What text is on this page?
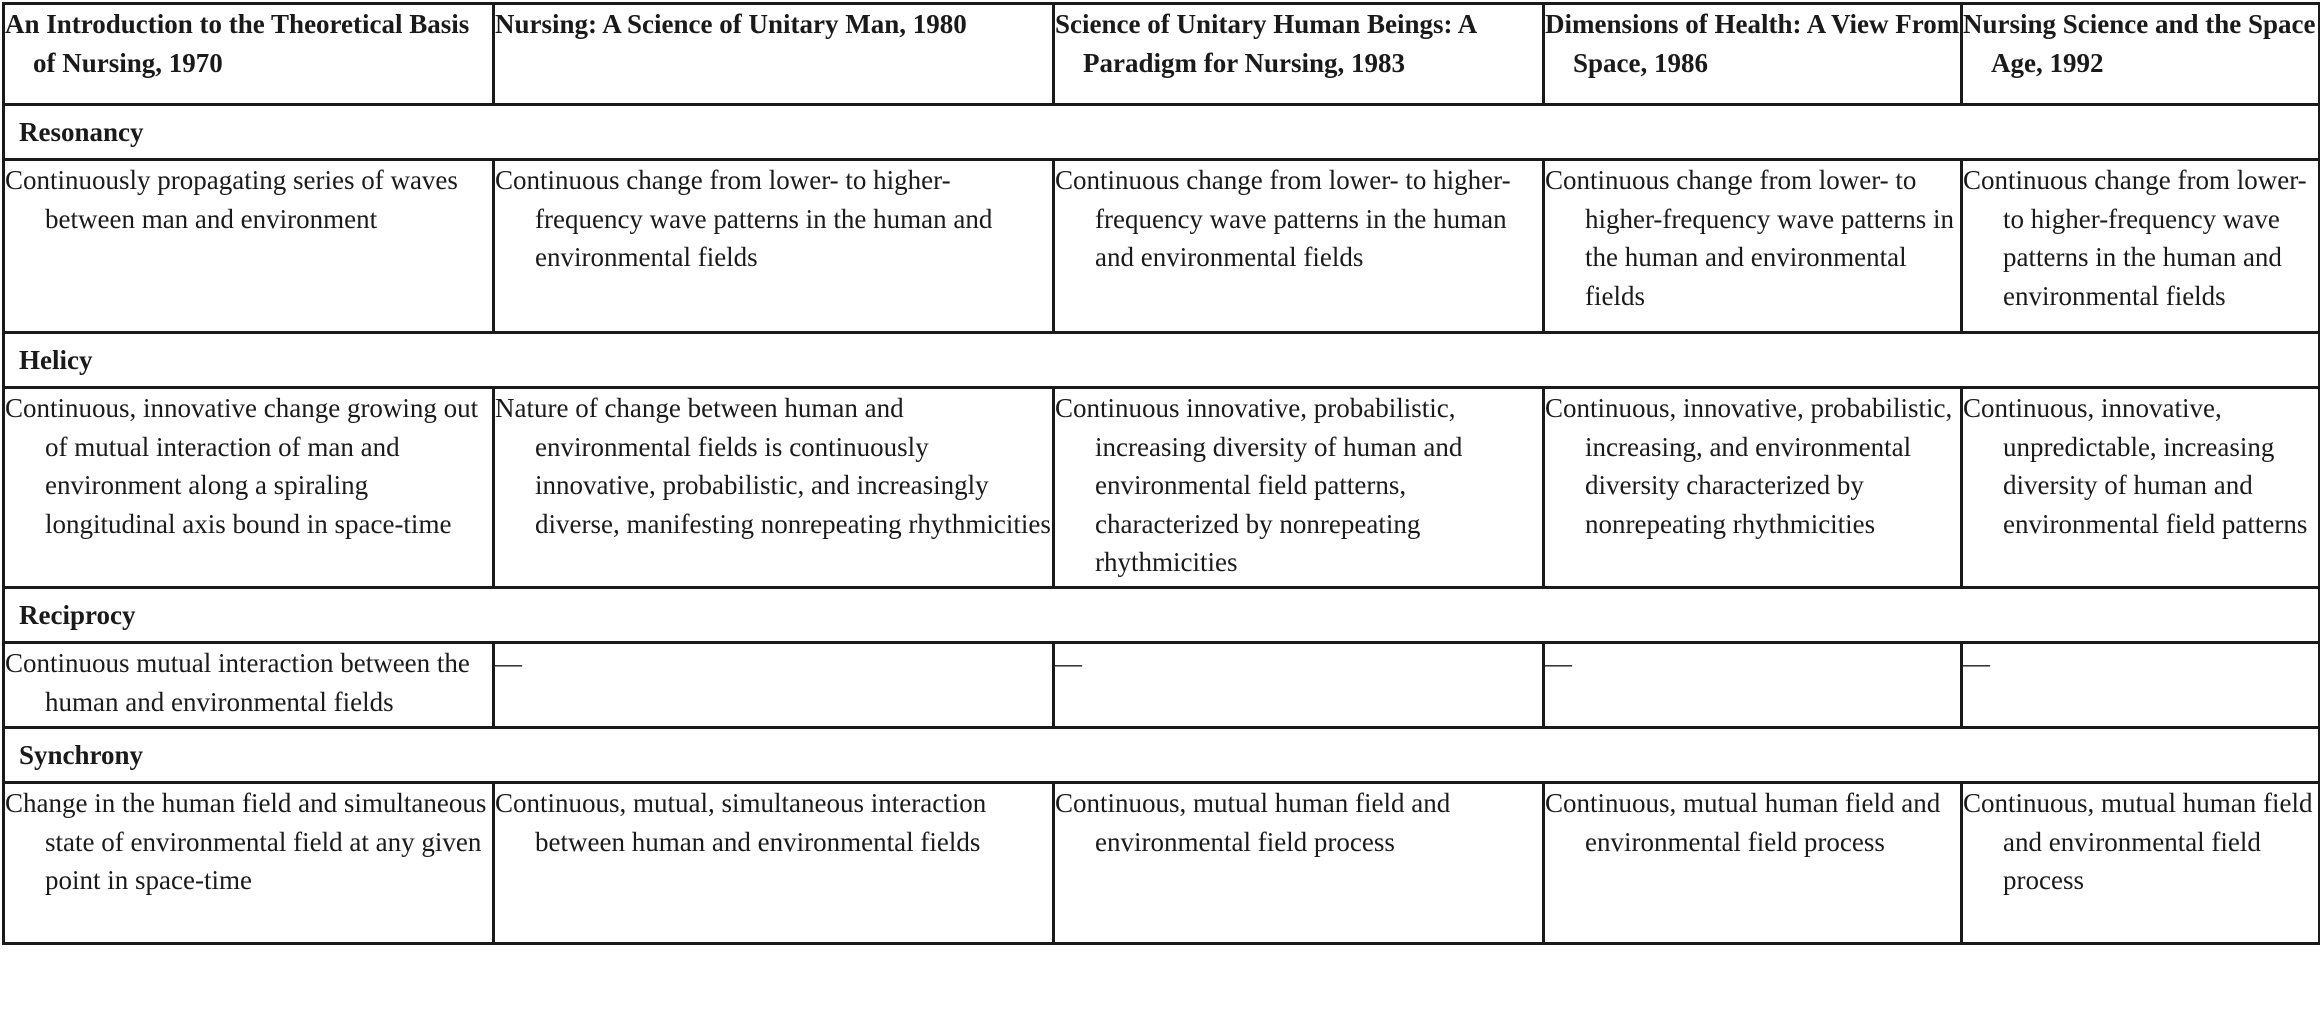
An Introduction to the Theoretical Basis of Nursing, 1970	Nursing: A Science of Unitary Man, 1980	Science of Unitary Human Beings: A Paradigm for Nursing, 1983	Dimensions of Health: A View From Space, 1986	Nursing Science and the Space Age, 1992

Resonancy				

Continuously propagating series of waves between man and environment	Continuous change from lower- to higher-frequency wave patterns in the human and environmental fields	Continuous change from lower- to higher-frequency wave patterns in the human and environmental fields	Continuous change from lower- to higher-frequency wave patterns in the human and environmental fields	Continuous change from lower- to higher-frequency wave patterns in the human and environmental fields

Helicy				

Continuous, innovative change growing out of mutual interaction of man and environment along a spiraling longitudinal axis bound in space-time	Nature of change between human and environmental fields is continuously innovative, probabilistic, and increasingly diverse, manifesting nonrepeating rhythmicities	Continuous innovative, probabilistic, increasing diversity of human and environmental field patterns, characterized by nonrepeating rhythmicities	Continuous, innovative, probabilistic, increasing, and environmental diversity characterized by nonrepeating rhythmicities	Continuous, innovative, unpredictable, increasing diversity of human and environmental field patterns

Reciprocy				

Continuous mutual interaction between the human and environmental fields	—	—	—	—

Synchrony				

Change in the human field and simultaneous state of environmental field at any given point in space-time	Continuous, mutual, simultaneous interaction between human and environmental fields	Continuous, mutual human field and environmental field process	Continuous, mutual human field and environmental field process	Continuous, mutual human field and environmental field process
